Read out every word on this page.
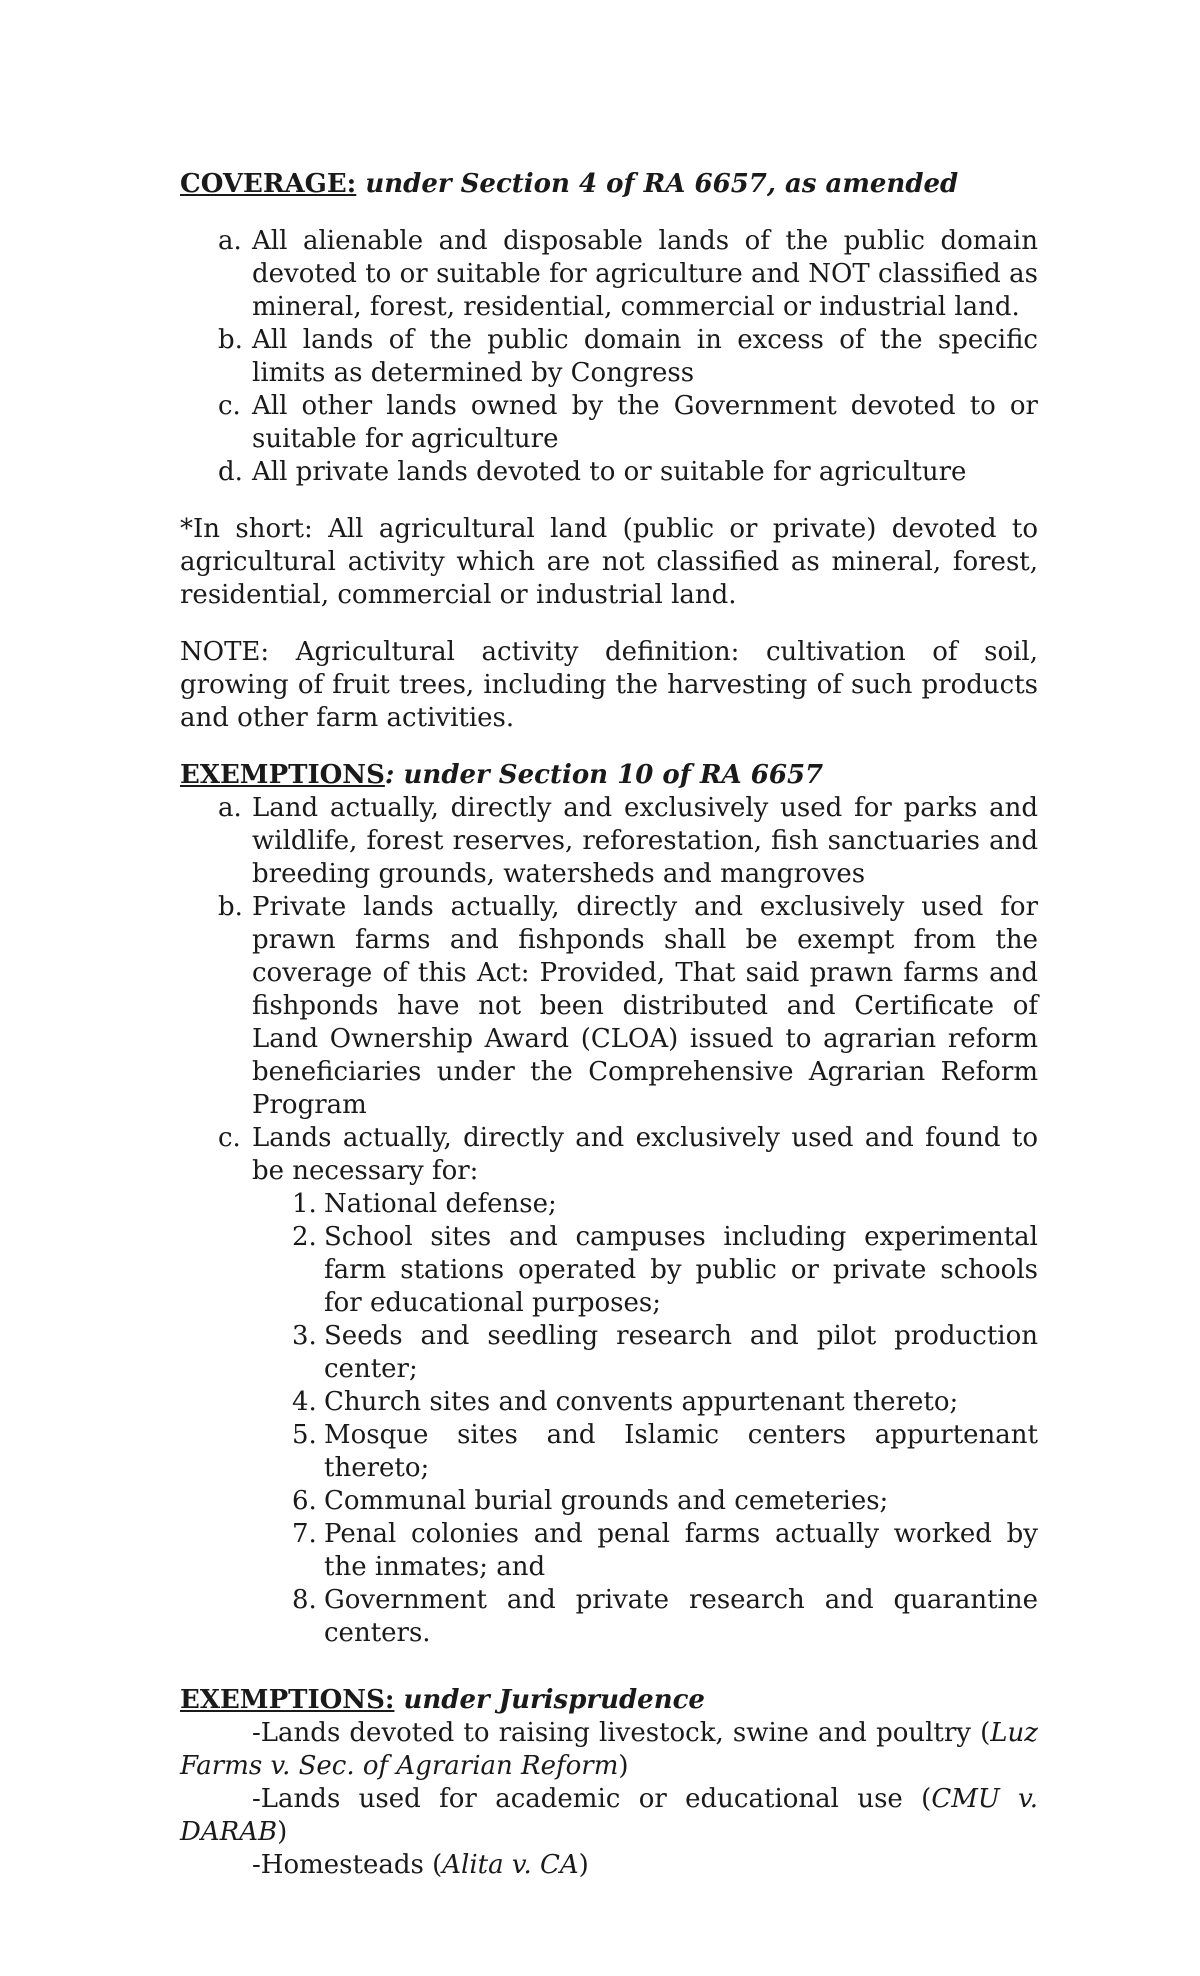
COVERAGE: under Section 4 of RA 6657, as amended
a. All alienable and disposable lands of the public domain devoted to or suitable for agriculture and NOT classified as mineral, forest, residential, commercial or industrial land.
b. All lands of the public domain in excess of the specific limits as determined by Congress
c. All other lands owned by the Government devoted to or suitable for agriculture
d. All private lands devoted to or suitable for agriculture

*In short: All agricultural land (public or private) devoted to agricultural activity which are not classified as mineral, forest, residential, commercial or industrial land.

NOTE: Agricultural activity definition: cultivation of soil, growing of fruit trees, including the harvesting of such products and other farm activities.

EXEMPTIONS: under Section 10 of RA 6657
a. Land actually, directly and exclusively used for parks and wildlife, forest reserves, reforestation, fish sanctuaries and breeding grounds, watersheds and mangroves
b. Private lands actually, directly and exclusively used for prawn farms and fishponds shall be exempt from the coverage of this Act: Provided, That said prawn farms and fishponds have not been distributed and Certificate of Land Ownership Award (CLOA) issued to agrarian reform beneficiaries under the Comprehensive Agrarian Reform Program
c. Lands actually, directly and exclusively used and found to be necessary for:
1. National defense;
2. School sites and campuses including experimental farm stations operated by public or private schools for educational purposes;
3. Seeds and seedling research and pilot production center;
4. Church sites and convents appurtenant thereto;
5. Mosque sites and Islamic centers appurtenant thereto;
6. Communal burial grounds and cemeteries;
7. Penal colonies and penal farms actually worked by the inmates; and
8. Government and private research and quarantine centers.
EXEMPTIONS: under Jurisprudence

-Lands devoted to raising livestock, swine and poultry (Luz Farms v. Sec. of Agrarian Reform)

-Lands used for academic or educational use (CMU v. DARAB)

-Homesteads (Alita v. CA)
